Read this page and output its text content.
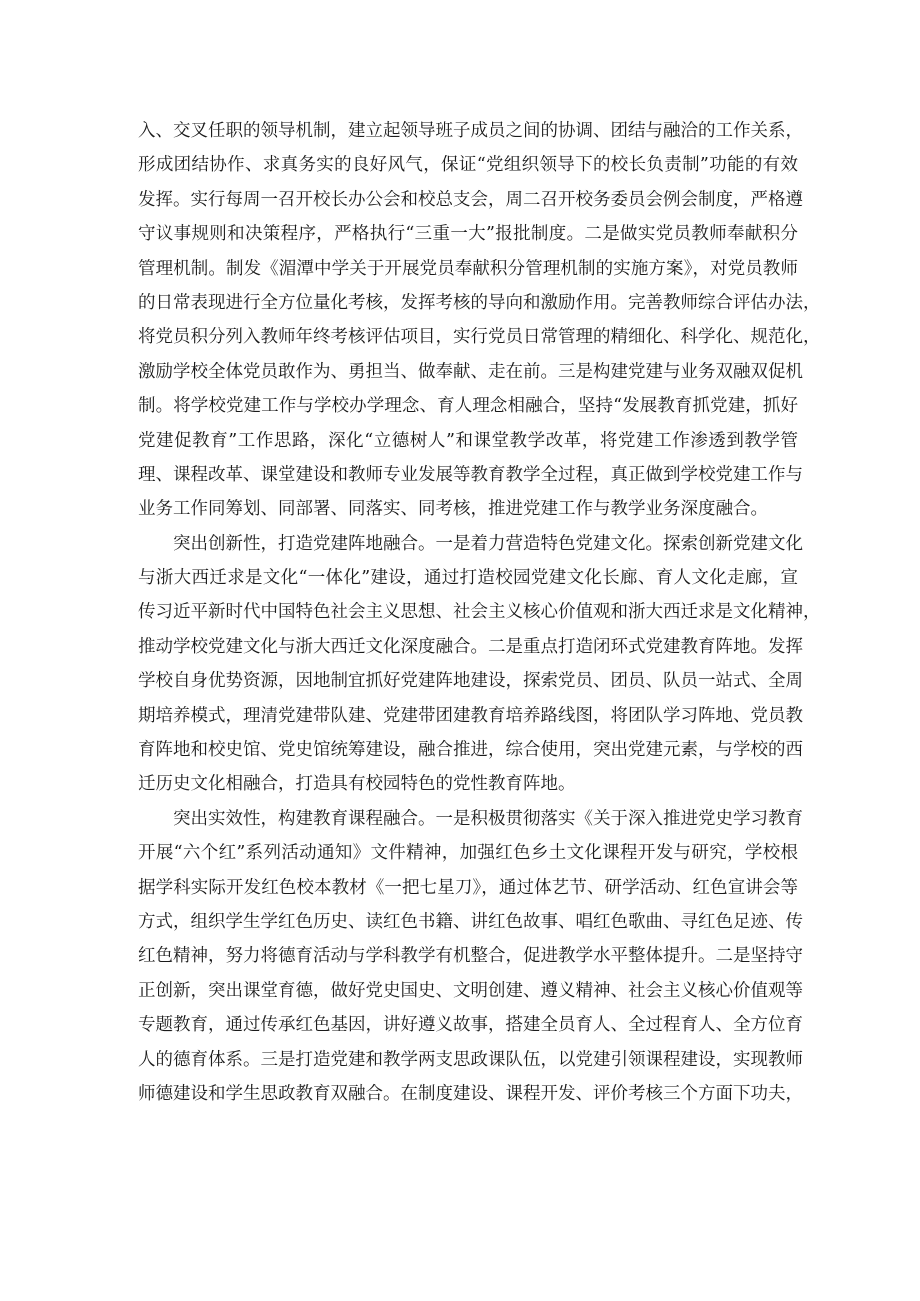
入、交叉任职的领导机制，建立起领导班子成员之间的协调、团结与融洽的工作关系，
形成团结协作、求真务实的良好风气，保证“党组织领导下的校长负责制”功能的有效
发挥。实行每周一召开校长办公会和校总支会，周二召开校务委员会例会制度，严格遵
守议事规则和决策程序，严格执行“三重一大”报批制度。二是做实党员教师奉献积分
管理机制。制发《湄潭中学关于开展党员奉献积分管理机制的实施方案》，对党员教师
的日常表现进行全方位量化考核，发挥考核的导向和激励作用。完善教师综合评估办法，
将党员积分列入教师年终考核评估项目，实行党员日常管理的精细化、科学化、规范化，
激励学校全体党员敢作为、勇担当、做奉献、走在前。三是构建党建与业务双融双促机
制。将学校党建工作与学校办学理念、育人理念相融合，坚持“发展教育抓党建，抓好
党建促教育”工作思路，深化“立德树人”和课堂教学改革，将党建工作渗透到教学管
理、课程改革、课堂建设和教师专业发展等教育教学全过程，真正做到学校党建工作与
业务工作同筹划、同部署、同落实、同考核，推进党建工作与教学业务深度融合。
突出创新性，打造党建阵地融合。一是着力营造特色党建文化。探索创新党建文化
与浙大西迁求是文化“一体化”建设，通过打造校园党建文化长廊、育人文化走廊，宣
传习近平新时代中国特色社会主义思想、社会主义核心价值观和浙大西迁求是文化精神，
推动学校党建文化与浙大西迁文化深度融合。二是重点打造闭环式党建教育阵地。发挥
学校自身优势资源，因地制宜抓好党建阵地建设，探索党员、团员、队员一站式、全周
期培养模式，理清党建带队建、党建带团建教育培养路线图，将团队学习阵地、党员教
育阵地和校史馆、党史馆统筹建设，融合推进，综合使用，突出党建元素，与学校的西
迁历史文化相融合，打造具有校园特色的党性教育阵地。
突出实效性，构建教育课程融合。一是积极贯彻落实《关于深入推进党史学习教育
开展“六个红”系列活动通知》文件精神，加强红色乡土文化课程开发与研究，学校根
据学科实际开发红色校本教材《一把七星刀》，通过体艺节、研学活动、红色宣讲会等
方式，组织学生学红色历史、读红色书籍、讲红色故事、唱红色歌曲、寻红色足迹、传
红色精神，努力将德育活动与学科教学有机整合，促进教学水平整体提升。二是坚持守
正创新，突出课堂育德，做好党史国史、文明创建、遵义精神、社会主义核心价值观等
专题教育，通过传承红色基因，讲好遵义故事，搭建全员育人、全过程育人、全方位育
人的德育体系。三是打造党建和教学两支思政课队伍，以党建引领课程建设，实现教师
师德建设和学生思政教育双融合。在制度建设、课程开发、评价考核三个方面下功夫，
